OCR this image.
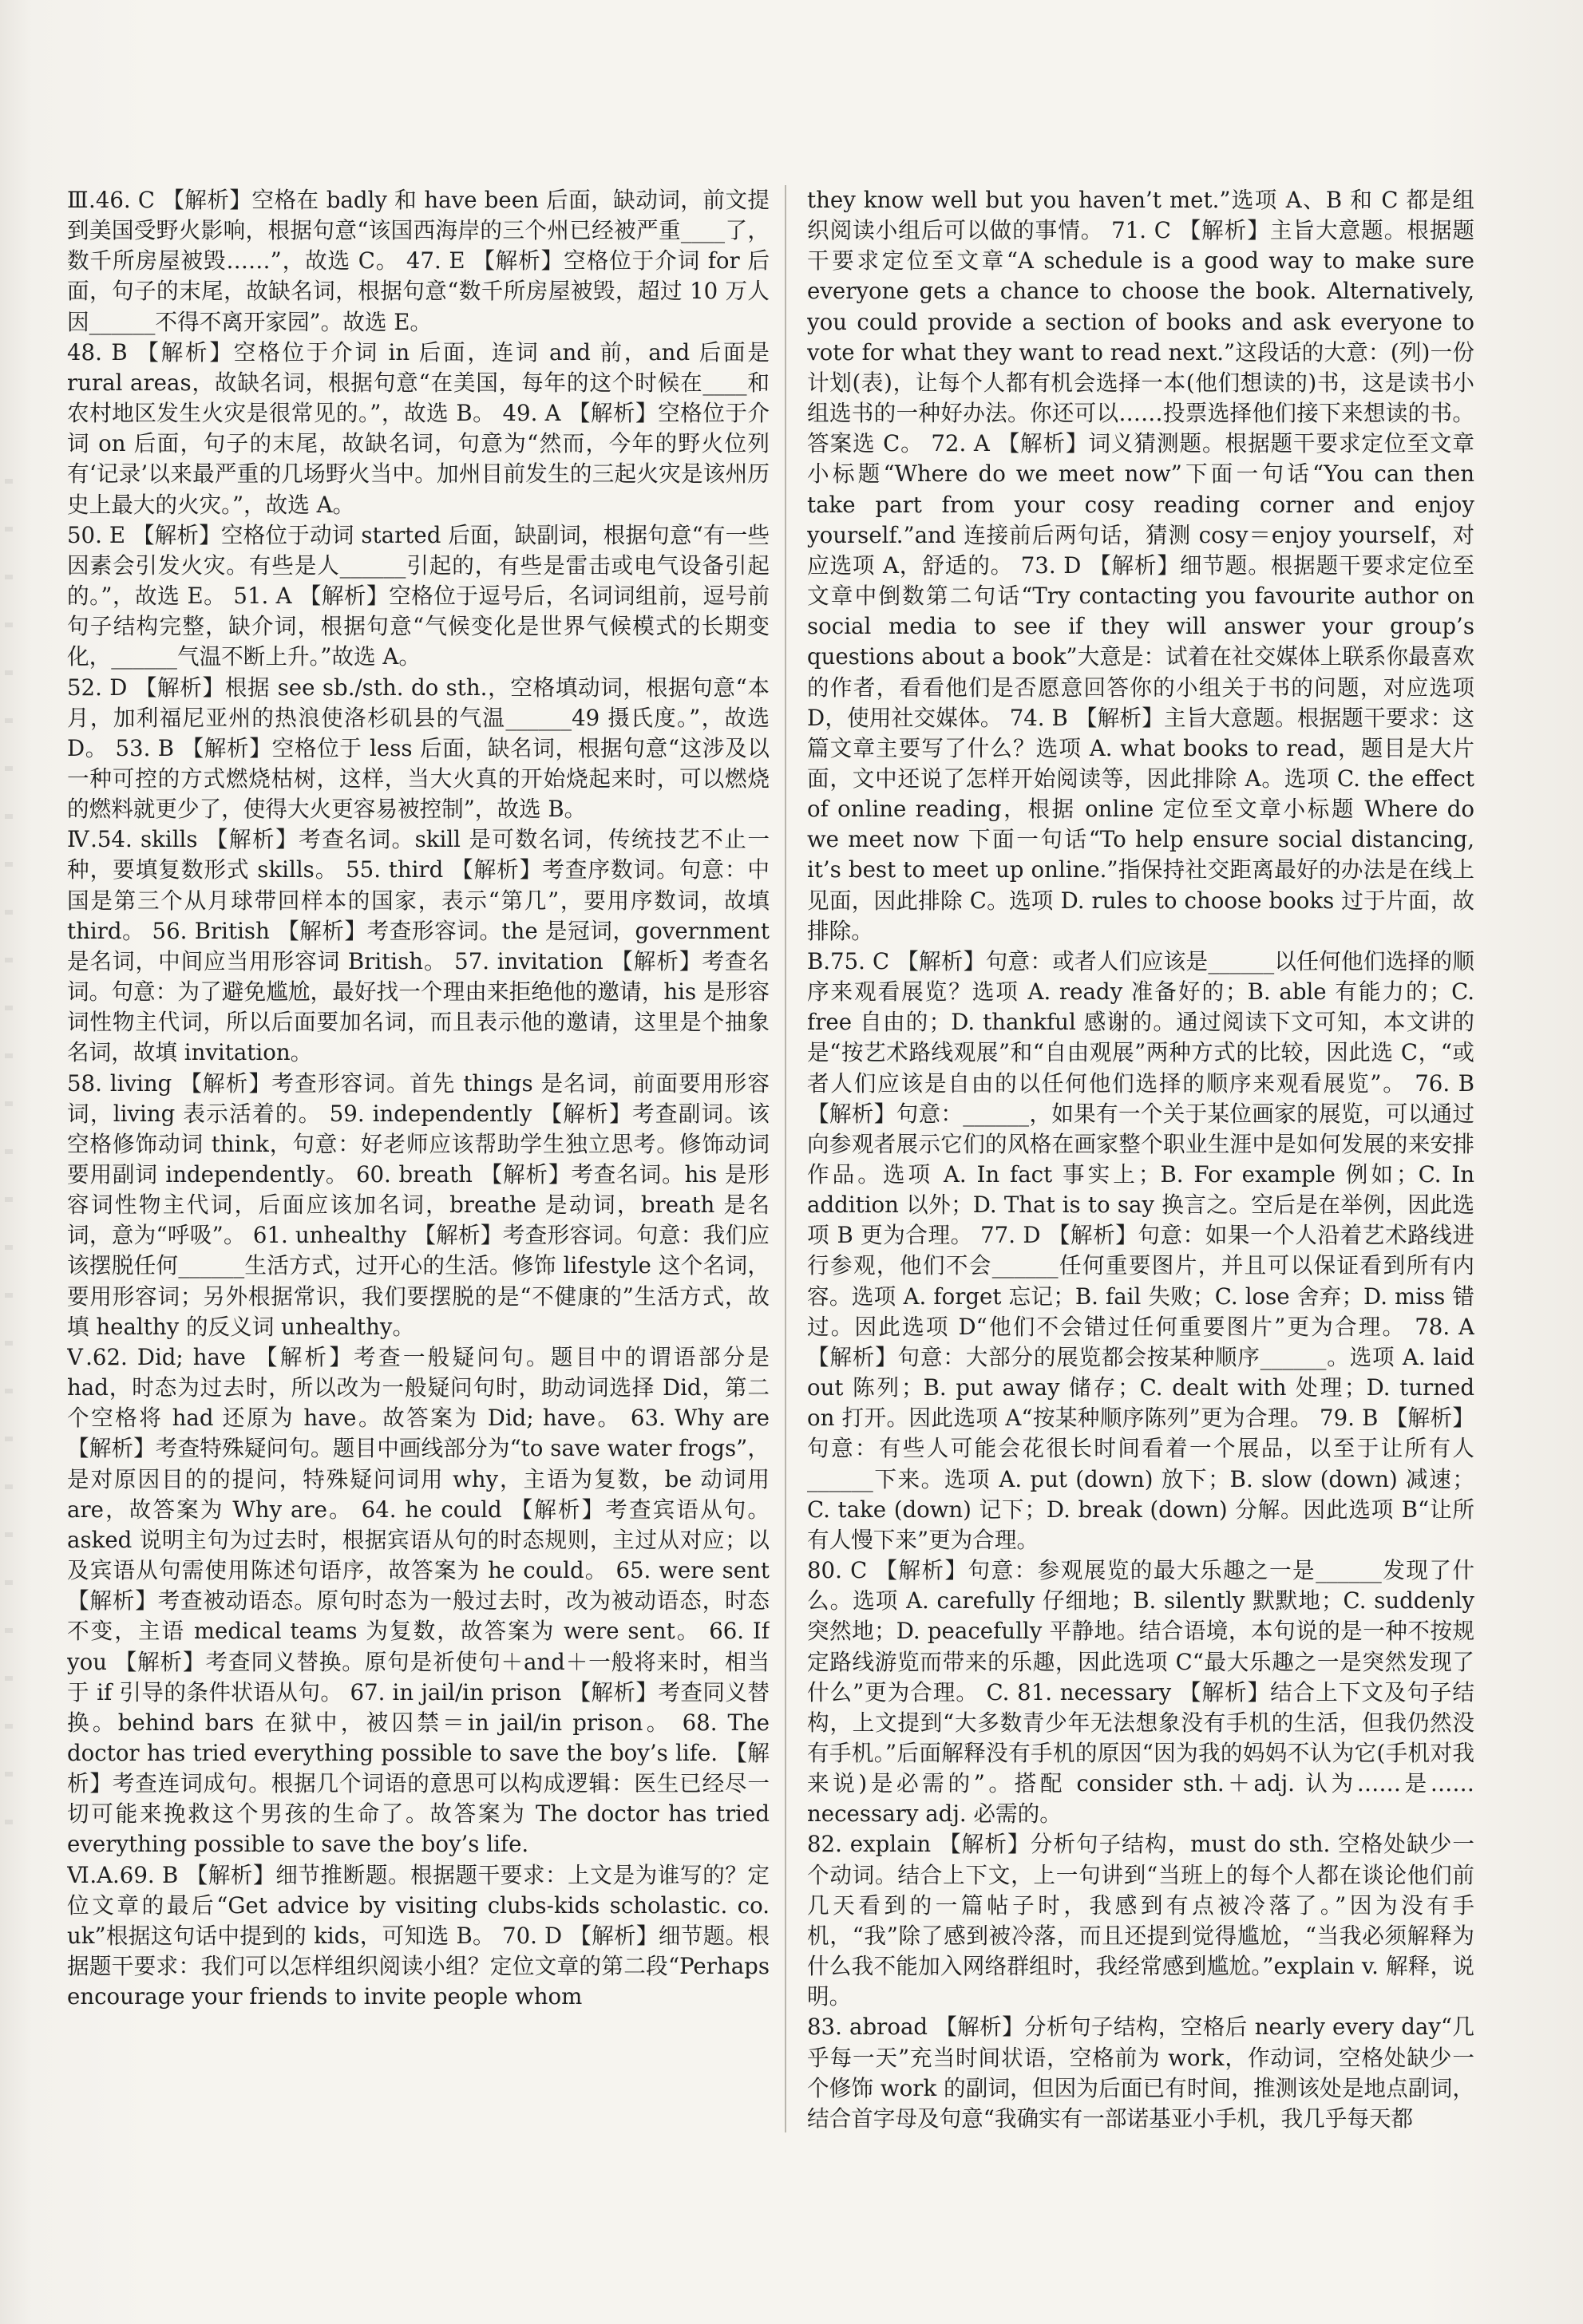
Ⅲ.46. C 【解析】空格在 badly 和 have been 后面，缺动词，前文提到美国受野火影响，根据句意“该国西海岸的三个州已经被严重____了，数千所房屋被毁……”，故选 C。 47. E 【解析】空格位于介词 for 后面，句子的末尾，故缺名词，根据句意“数千所房屋被毁，超过 10 万人因______不得不离开家园”。故选 E。

48. B 【解析】空格位于介词 in 后面，连词 and 前，and 后面是 rural areas，故缺名词，根据句意“在美国，每年的这个时候在____和农村地区发生火灾是很常见的。”，故选 B。 49. A 【解析】空格位于介词 on 后面，句子的末尾，故缺名词，句意为“然而，今年的野火位列有‘记录’以来最严重的几场野火当中。加州目前发生的三起火灾是该州历史上最大的火灾。”，故选 A。

50. E 【解析】空格位于动词 started 后面，缺副词，根据句意“有一些因素会引发火灾。有些是人______引起的，有些是雷击或电气设备引起的。”，故选 E。 51. A 【解析】空格位于逗号后，名词词组前，逗号前句子结构完整，缺介词，根据句意“气候变化是世界气候模式的长期变化，______气温不断上升。”故选 A。

52. D 【解析】根据 see sb./sth. do sth.，空格填动词，根据句意“本月，加利福尼亚州的热浪使洛杉矶县的气温______49 摄氏度。”，故选 D。 53. B 【解析】空格位于 less 后面，缺名词，根据句意“这涉及以一种可控的方式燃烧枯树，这样，当大火真的开始烧起来时，可以燃烧的燃料就更少了，使得大火更容易被控制”，故选 B。

Ⅳ.54. skills 【解析】考查名词。skill 是可数名词，传统技艺不止一种，要填复数形式 skills。 55. third 【解析】考查序数词。句意：中国是第三个从月球带回样本的国家，表示“第几”，要用序数词，故填 third。 56. British 【解析】考查形容词。the 是冠词，government 是名词，中间应当用形容词 British。 57. invitation 【解析】考查名词。句意：为了避免尴尬，最好找一个理由来拒绝他的邀请，his 是形容词性物主代词，所以后面要加名词，而且表示他的邀请，这里是个抽象名词，故填 invitation。

58. living 【解析】考查形容词。首先 things 是名词，前面要用形容词，living 表示活着的。 59. independently 【解析】考查副词。该空格修饰动词 think，句意：好老师应该帮助学生独立思考。修饰动词要用副词 independently。 60. breath 【解析】考查名词。his 是形容词性物主代词，后面应该加名词，breathe 是动词，breath 是名词，意为“呼吸”。 61. unhealthy 【解析】考查形容词。句意：我们应该摆脱任何______生活方式，过开心的生活。修饰 lifestyle 这个名词，要用形容词；另外根据常识，我们要摆脱的是“不健康的”生活方式，故填 healthy 的反义词 unhealthy。

Ⅴ.62. Did; have 【解析】考查一般疑问句。题目中的谓语部分是 had，时态为过去时，所以改为一般疑问句时，助动词选择 Did，第二个空格将 had 还原为 have。故答案为 Did; have。 63. Why are 【解析】考查特殊疑问句。题目中画线部分为“to save water frogs”，是对原因目的的提问，特殊疑问词用 why，主语为复数，be 动词用 are，故答案为 Why are。 64. he could 【解析】考查宾语从句。asked 说明主句为过去时，根据宾语从句的时态规则，主过从对应；以及宾语从句需使用陈述句语序，故答案为 he could。 65. were sent 【解析】考查被动语态。原句时态为一般过去时，改为被动语态，时态不变，主语 medical teams 为复数，故答案为 were sent。 66. If you 【解析】考查同义替换。原句是祈使句＋and＋一般将来时，相当于 if 引导的条件状语从句。 67. in jail/in prison 【解析】考查同义替换。behind bars 在狱中，被囚禁＝in jail/in prison。 68. The doctor has tried everything possible to save the boy’s life. 【解析】考查连词成句。根据几个词语的意思可以构成逻辑：医生已经尽一切可能来挽救这个男孩的生命了。故答案为 The doctor has tried everything possible to save the boy’s life.

Ⅵ.A.69. B 【解析】细节推断题。根据题干要求：上文是为谁写的？定位文章的最后“Get advice by visiting clubs-kids scholastic. co. uk”根据这句话中提到的 kids，可知选 B。 70. D 【解析】细节题。根据题干要求：我们可以怎样组织阅读小组？定位文章的第二段“Perhaps encourage your friends to invite people whom

they know well but you haven’t met.”选项 A、B 和 C 都是组织阅读小组后可以做的事情。 71. C 【解析】主旨大意题。根据题干要求定位至文章“A schedule is a good way to make sure everyone gets a chance to choose the book. Alternatively, you could provide a section of books and ask everyone to vote for what they want to read next.”这段话的大意：(列)一份计划(表)，让每个人都有机会选择一本(他们想读的)书，这是读书小组选书的一种好办法。你还可以……投票选择他们接下来想读的书。答案选 C。 72. A 【解析】词义猜测题。根据题干要求定位至文章小标题“Where do we meet now”下面一句话“You can then take part from your cosy reading corner and enjoy yourself.”and 连接前后两句话，猜测 cosy＝enjoy yourself，对应选项 A，舒适的。 73. D 【解析】细节题。根据题干要求定位至文章中倒数第二句话“Try contacting you favourite author on social media to see if they will answer your group’s questions about a book”大意是：试着在社交媒体上联系你最喜欢的作者，看看他们是否愿意回答你的小组关于书的问题，对应选项 D，使用社交媒体。 74. B 【解析】主旨大意题。根据题干要求：这篇文章主要写了什么？选项 A. what books to read，题目是大片面，文中还说了怎样开始阅读等，因此排除 A。选项 C. the effect of online reading，根据 online 定位至文章小标题 Where do we meet now 下面一句话“To help ensure social distancing, it’s best to meet up online.”指保持社交距离最好的办法是在线上见面，因此排除 C。选项 D. rules to choose books 过于片面，故排除。

B.75. C 【解析】句意：或者人们应该是______以任何他们选择的顺序来观看展览？选项 A. ready 准备好的；B. able 有能力的；C. free 自由的；D. thankful 感谢的。通过阅读下文可知，本文讲的是“按艺术路线观展”和“自由观展”两种方式的比较，因此选 C，“或者人们应该是自由的以任何他们选择的顺序来观看展览”。 76. B 【解析】句意：______，如果有一个关于某位画家的展览，可以通过向参观者展示它们的风格在画家整个职业生涯中是如何发展的来安排作品。选项 A. In fact 事实上；B. For example 例如；C. In addition 以外；D. That is to say 换言之。空后是在举例，因此选项 B 更为合理。 77. D 【解析】句意：如果一个人沿着艺术路线进行参观，他们不会______任何重要图片，并且可以保证看到所有内容。选项 A. forget 忘记；B. fail 失败；C. lose 舍弃；D. miss 错过。因此选项 D“他们不会错过任何重要图片”更为合理。 78. A 【解析】句意：大部分的展览都会按某种顺序______。选项 A. laid out 陈列；B. put away 储存；C. dealt with 处理；D. turned on 打开。因此选项 A“按某种顺序陈列”更为合理。 79. B 【解析】句意：有些人可能会花很长时间看着一个展品，以至于让所有人______下来。选项 A. put (down) 放下；B. slow (down) 减速；C. take (down) 记下；D. break (down) 分解。因此选项 B“让所有人慢下来”更为合理。

80. C 【解析】句意：参观展览的最大乐趣之一是______发现了什么。选项 A. carefully 仔细地；B. silently 默默地；C. suddenly 突然地；D. peacefully 平静地。结合语境，本句说的是一种不按规定路线游览而带来的乐趣，因此选项 C“最大乐趣之一是突然发现了什么”更为合理。 C. 81. necessary 【解析】结合上下文及句子结构，上文提到“大多数青少年无法想象没有手机的生活，但我仍然没有手机。”后面解释没有手机的原因“因为我的妈妈不认为它(手机对我来说)是必需的”。搭配 consider sth.＋adj. 认为……是……necessary adj. 必需的。

82. explain 【解析】分析句子结构，must do sth. 空格处缺少一个动词。结合上下文，上一句讲到“当班上的每个人都在谈论他们前几天看到的一篇帖子时，我感到有点被冷落了。”因为没有手机，“我”除了感到被冷落，而且还提到觉得尴尬，“当我必须解释为什么我不能加入网络群组时，我经常感到尴尬。”explain v. 解释，说明。

83. abroad 【解析】分析句子结构，空格后 nearly every day“几乎每一天”充当时间状语，空格前为 work，作动词，空格处缺少一个修饰 work 的副词，但因为后面已有时间，推测该处是地点副词，结合首字母及句意“我确实有一部诺基亚小手机，我几乎每天都
